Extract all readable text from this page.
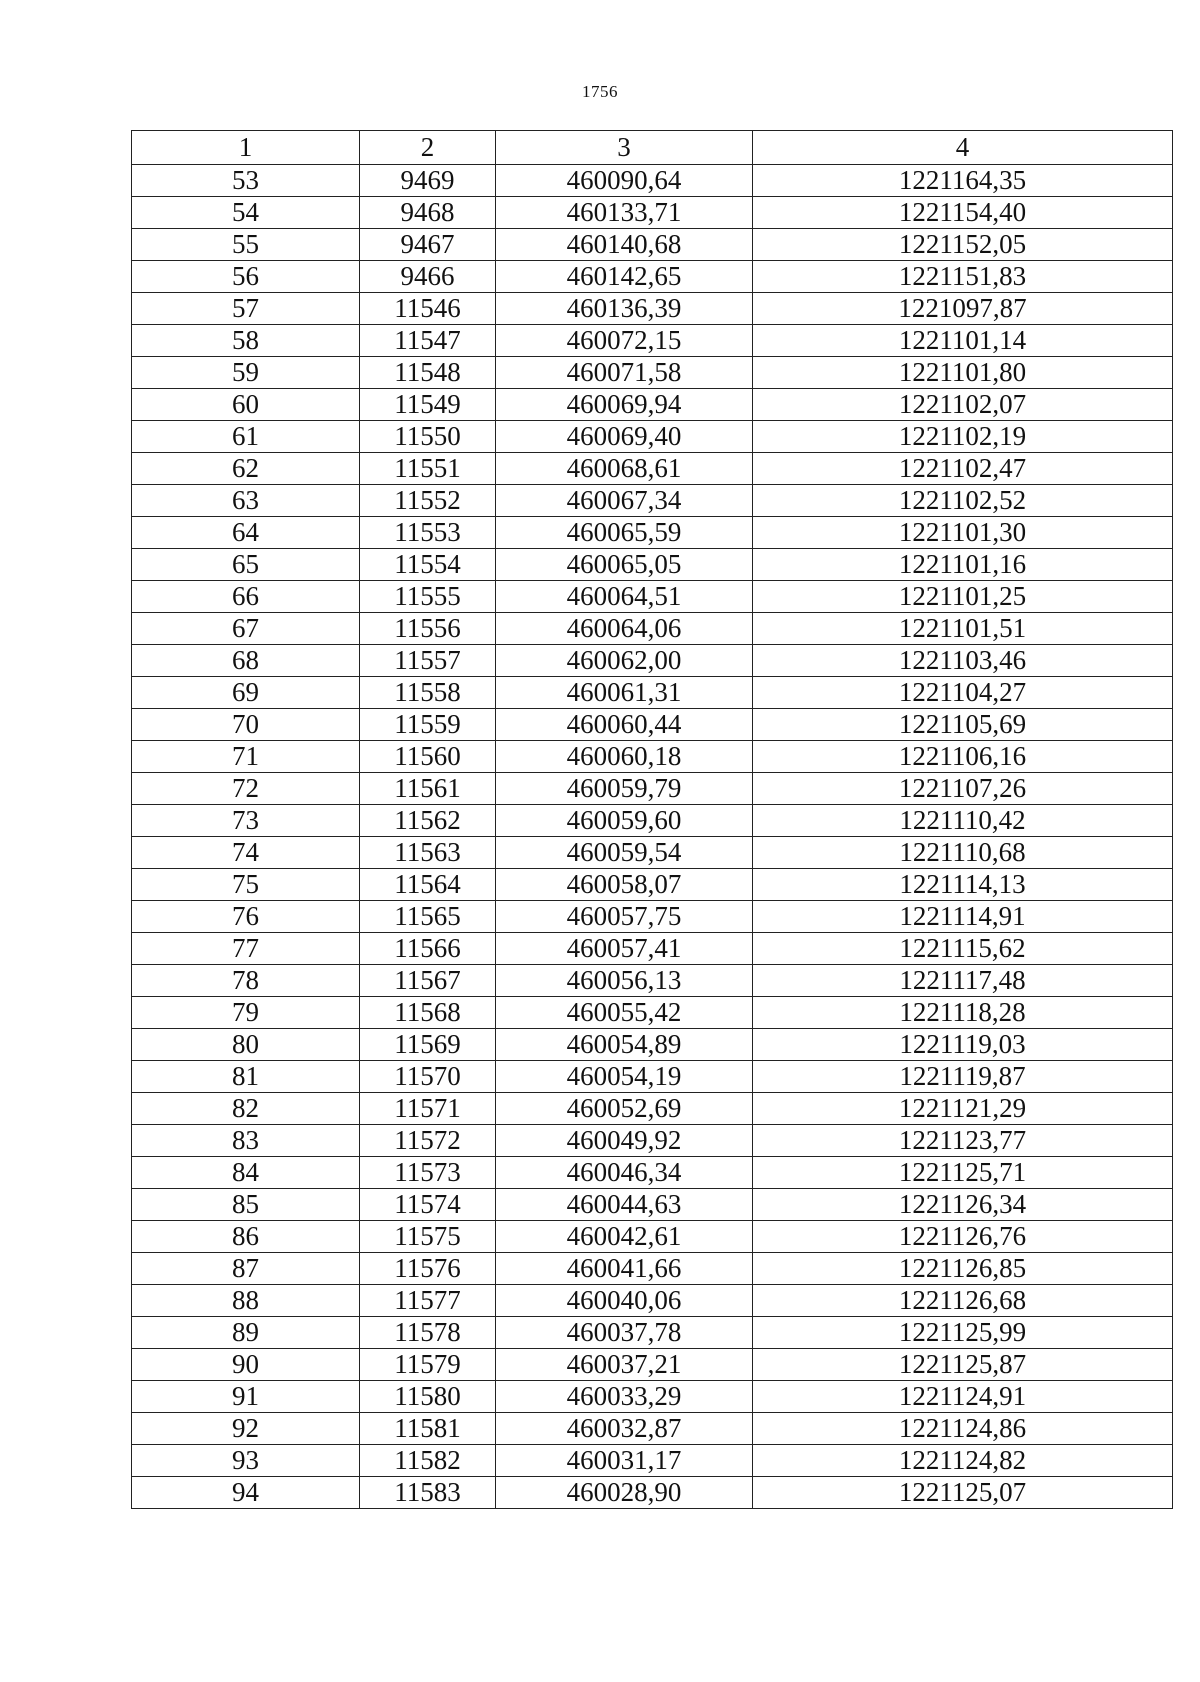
1756
1	2	3	4
53	9469	460090,64	1221164,35
54	9468	460133,71	1221154,40
55	9467	460140,68	1221152,05
56	9466	460142,65	1221151,83
57	11546	460136,39	1221097,87
58	11547	460072,15	1221101,14
59	11548	460071,58	1221101,80
60	11549	460069,94	1221102,07
61	11550	460069,40	1221102,19
62	11551	460068,61	1221102,47
63	11552	460067,34	1221102,52
64	11553	460065,59	1221101,30
65	11554	460065,05	1221101,16
66	11555	460064,51	1221101,25
67	11556	460064,06	1221101,51
68	11557	460062,00	1221103,46
69	11558	460061,31	1221104,27
70	11559	460060,44	1221105,69
71	11560	460060,18	1221106,16
72	11561	460059,79	1221107,26
73	11562	460059,60	1221110,42
74	11563	460059,54	1221110,68
75	11564	460058,07	1221114,13
76	11565	460057,75	1221114,91
77	11566	460057,41	1221115,62
78	11567	460056,13	1221117,48
79	11568	460055,42	1221118,28
80	11569	460054,89	1221119,03
81	11570	460054,19	1221119,87
82	11571	460052,69	1221121,29
83	11572	460049,92	1221123,77
84	11573	460046,34	1221125,71
85	11574	460044,63	1221126,34
86	11575	460042,61	1221126,76
87	11576	460041,66	1221126,85
88	11577	460040,06	1221126,68
89	11578	460037,78	1221125,99
90	11579	460037,21	1221125,87
91	11580	460033,29	1221124,91
92	11581	460032,87	1221124,86
93	11582	460031,17	1221124,82
94	11583	460028,90	1221125,07
